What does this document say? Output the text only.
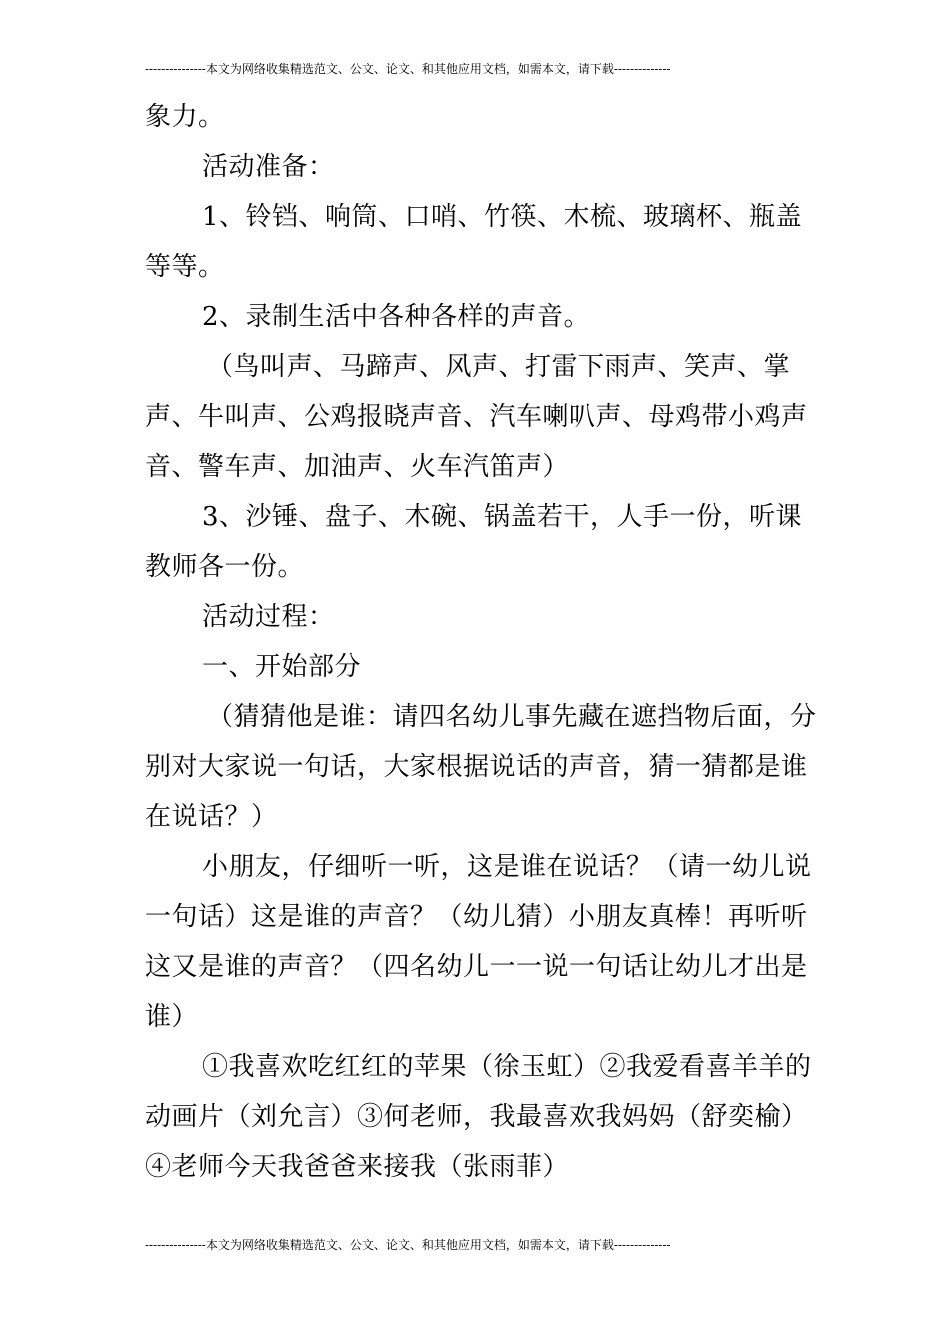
---------------本文为网络收集精选范文、公文、论文、和其他应用文档，如需本文，请下载--------------

象力。

活动准备：

1、铃铛、响筒、口哨、竹筷、木梳、玻璃杯、瓶盖等等。

2、录制生活中各种各样的声音。

（鸟叫声、马蹄声、风声、打雷下雨声、笑声、掌声、牛叫声、公鸡报晓声音、汽车喇叭声、母鸡带小鸡声音、警车声、加油声、火车汽笛声）

3、沙锤、盘子、木碗、锅盖若干，人手一份，听课教师各一份。

活动过程：

一、开始部分

（猜猜他是谁：请四名幼儿事先藏在遮挡物后面，分别对大家说一句话，大家根据说话的声音，猜一猜都是谁在说话？）

小朋友，仔细听一听，这是谁在说话？（请一幼儿说一句话）这是谁的声音？（幼儿猜）小朋友真棒！再听听这又是谁的声音？（四名幼儿一一说一句话让幼儿才出是谁）

①我喜欢吃红红的苹果（徐玉虹）②我爱看喜羊羊的动画片（刘允言）③何老师，我最喜欢我妈妈（舒奕榆）④老师今天我爸爸来接我（张雨菲）

---------------本文为网络收集精选范文、公文、论文、和其他应用文档，如需本文，请下载--------------
